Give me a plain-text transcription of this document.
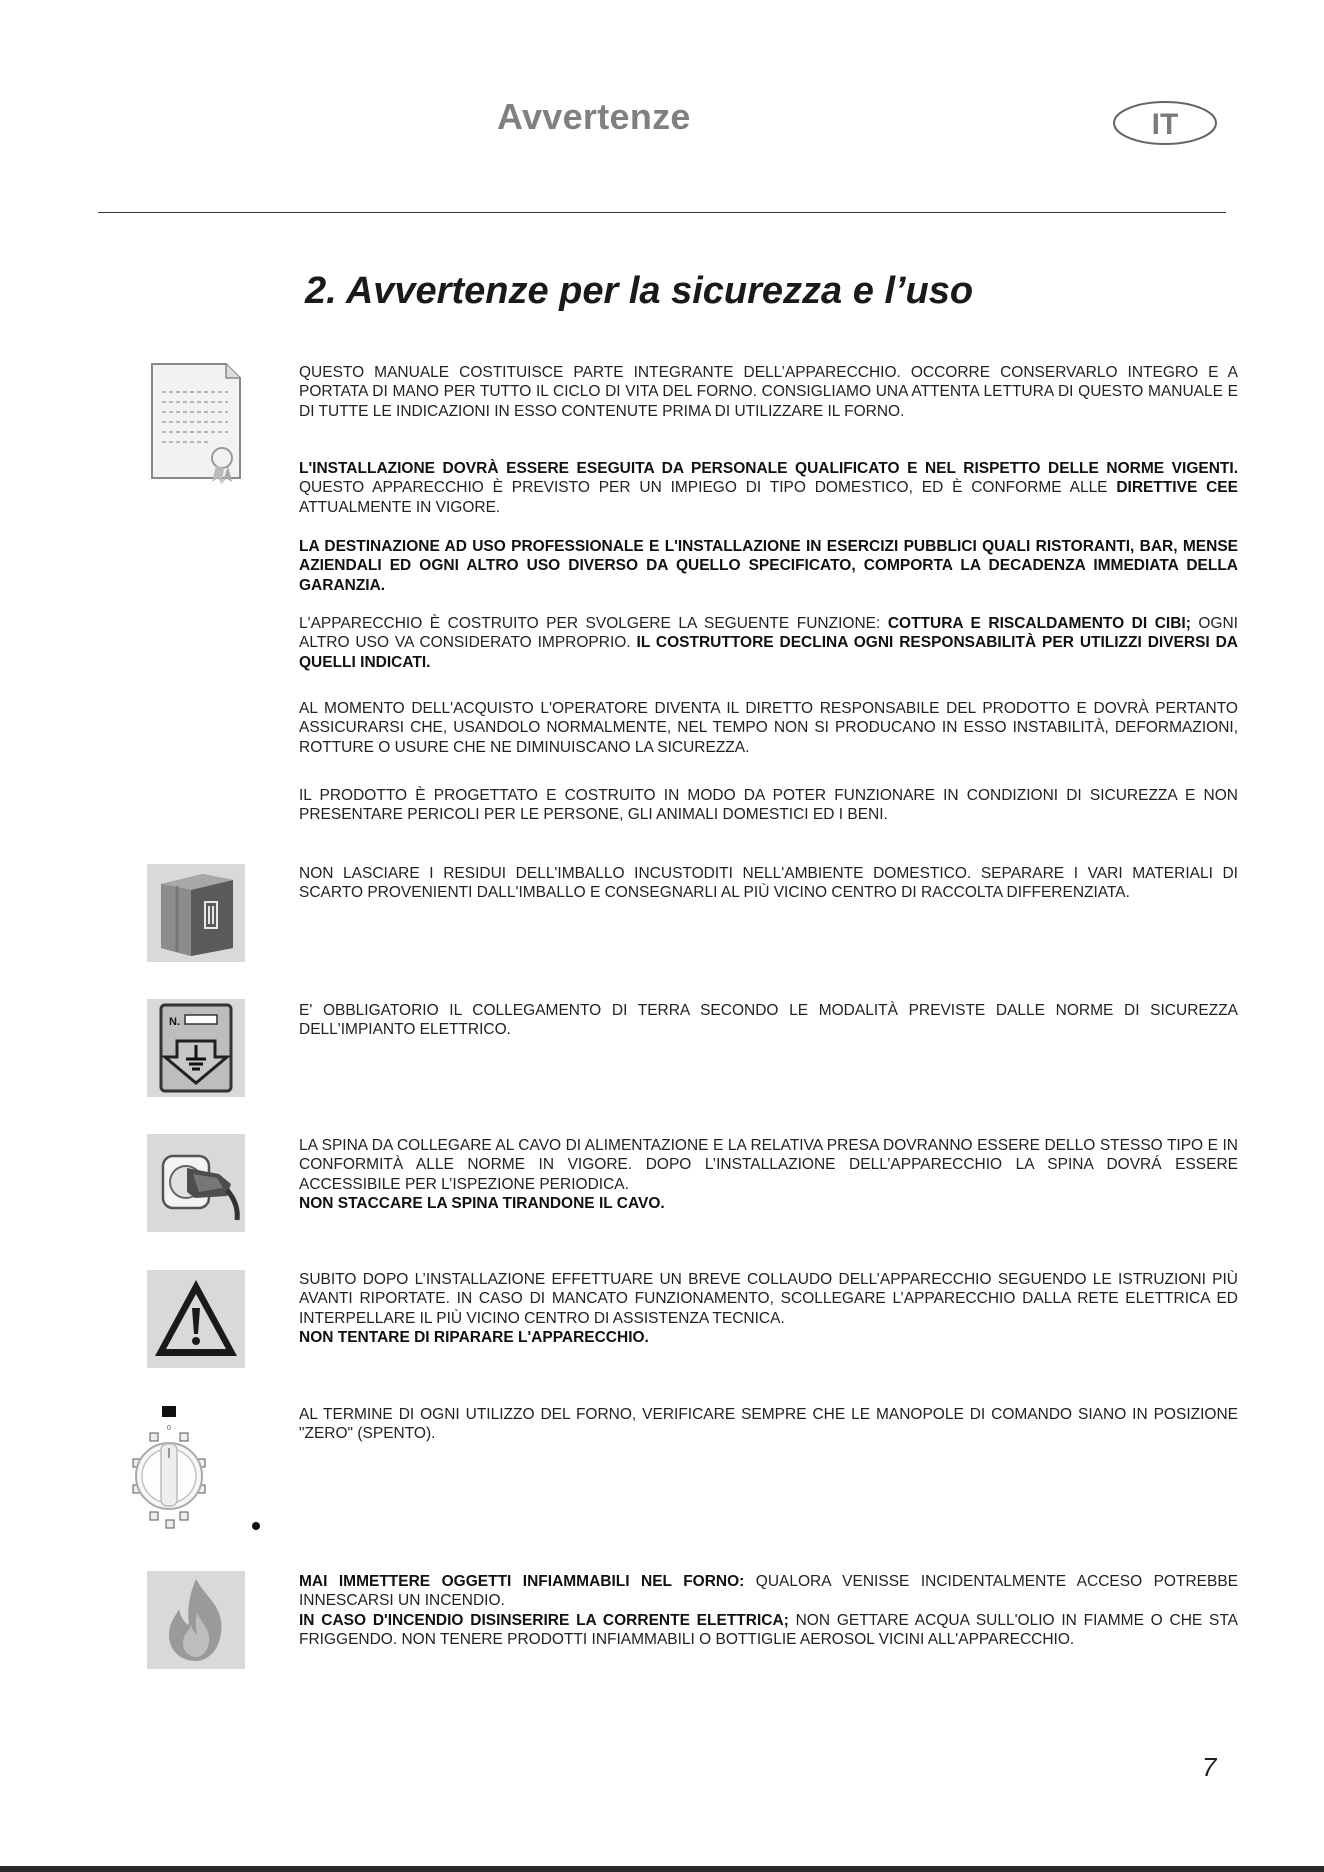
Avvertenze	IT
2. Avvertenze per la sicurezza e l’uso
QUESTO MANUALE COSTITUISCE PARTE INTEGRANTE DELL’APPARECCHIO. OCCORRE CONSERVARLO INTEGRO E A PORTATA DI MANO PER TUTTO IL CICLO DI VITA DEL FORNO. CONSIGLIAMO UNA ATTENTA LETTURA DI QUESTO MANUALE E DI TUTTE LE INDICAZIONI IN ESSO CONTENUTE PRIMA DI UTILIZZARE IL FORNO.
L'INSTALLAZIONE DOVRÀ ESSERE ESEGUITA DA PERSONALE QUALIFICATO E NEL RISPETTO DELLE NORME VIGENTI. QUESTO APPARECCHIO È PREVISTO PER UN IMPIEGO DI TIPO DOMESTICO, ED È CONFORME ALLE DIRETTIVE CEE ATTUALMENTE IN VIGORE.
LA DESTINAZIONE AD USO PROFESSIONALE E L'INSTALLAZIONE IN ESERCIZI PUBBLICI QUALI RISTORANTI, BAR, MENSE AZIENDALI ED OGNI ALTRO USO DIVERSO DA QUELLO SPECIFICATO, COMPORTA LA DECADENZA IMMEDIATA DELLA GARANZIA.
L'APPARECCHIO È COSTRUITO PER SVOLGERE LA SEGUENTE FUNZIONE: COTTURA E RISCALDAMENTO DI CIBI; OGNI ALTRO USO VA CONSIDERATO IMPROPRIO. IL COSTRUTTORE DECLINA OGNI RESPONSABILITÀ PER UTILIZZI DIVERSI DA QUELLI INDICATI.
AL MOMENTO DELL'ACQUISTO L'OPERATORE DIVENTA IL DIRETTO RESPONSABILE DEL PRODOTTO E DOVRÀ PERTANTO ASSICURARSI CHE, USANDOLO NORMALMENTE, NEL TEMPO NON SI PRODUCANO IN ESSO INSTABILITÀ, DEFORMAZIONI, ROTTURE O USURE CHE NE DIMINUISCANO LA SICUREZZA.
IL PRODOTTO È PROGETTATO E COSTRUITO IN MODO DA POTER FUNZIONARE IN CONDIZIONI DI SICUREZZA E NON PRESENTARE PERICOLI PER LE PERSONE, GLI ANIMALI DOMESTICI ED I BENI.
NON LASCIARE I RESIDUI DELL'IMBALLO INCUSTODITI NELL'AMBIENTE DOMESTICO. SEPARARE I VARI MATERIALI DI SCARTO PROVENIENTI DALL'IMBALLO E CONSEGNARLI AL PIÙ VICINO CENTRO DI RACCOLTA DIFFERENZIATA.
N.
E' OBBLIGATORIO IL COLLEGAMENTO DI TERRA SECONDO LE MODALITÀ PREVISTE DALLE NORME DI SICUREZZA DELL'IMPIANTO ELETTRICO.
LA SPINA DA COLLEGARE AL CAVO DI ALIMENTAZIONE E LA RELATIVA PRESA DOVRANNO ESSERE DELLO STESSO TIPO E IN CONFORMITÀ ALLE NORME IN VIGORE. DOPO L’INSTALLAZIONE DELL’APPARECCHIO LA SPINA DOVRÁ ESSERE ACCESSIBILE PER L’ISPEZIONE PERIODICA.
NON STACCARE LA SPINA TIRANDONE IL CAVO.
SUBITO DOPO L’INSTALLAZIONE EFFETTUARE UN BREVE COLLAUDO DELL’APPARECCHIO SEGUENDO LE ISTRUZIONI PIÙ AVANTI RIPORTATE. IN CASO DI MANCATO FUNZIONAMENTO, SCOLLEGARE L’APPARECCHIO DALLA RETE ELETTRICA ED INTERPELLARE IL PIÙ VICINO CENTRO DI ASSISTENZA TECNICA.
NON TENTARE DI RIPARARE L'APPARECCHIO.
0
AL TERMINE DI OGNI UTILIZZO DEL FORNO, VERIFICARE SEMPRE CHE LE MANOPOLE DI COMANDO SIANO IN POSIZIONE "ZERO" (SPENTO).
MAI IMMETTERE OGGETTI INFIAMMABILI NEL FORNO: QUALORA VENISSE INCIDENTALMENTE ACCESO POTREBBE INNESCARSI UN INCENDIO.
IN CASO D'INCENDIO DISINSERIRE LA CORRENTE ELETTRICA; NON GETTARE ACQUA SULL'OLIO IN FIAMME O CHE STA FRIGGENDO. NON TENERE PRODOTTI INFIAMMABILI O BOTTIGLIE AEROSOL VICINI ALL'APPARECCHIO.
7
